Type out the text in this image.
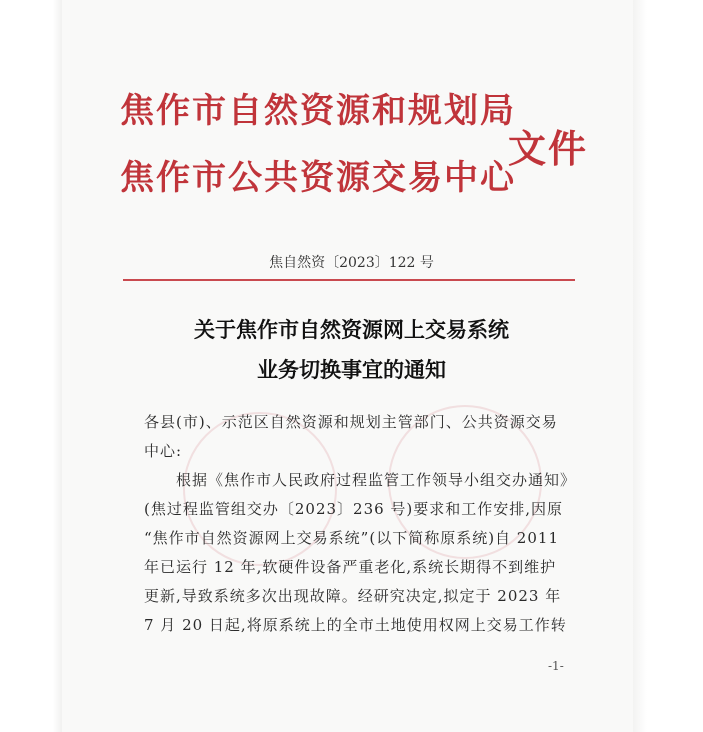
焦作市自然资源和规划局
焦作市公共资源交易中心
文件
焦自然资〔2023〕122 号
关于焦作市自然资源网上交易系统
业务切换事宜的通知
各县(市)、示范区自然资源和规划主管部门、公共资源交易
中心:
根据《焦作市人民政府过程监管工作领导小组交办通知》
(焦过程监管组交办〔2023〕236 号)要求和工作安排,因原
“焦作市自然资源网上交易系统”(以下简称原系统)自 2011
年已运行 12 年,软硬件设备严重老化,系统长期得不到维护
更新,导致系统多次出现故障。经研究决定,拟定于 2023 年
7 月 20 日起,将原系统上的全市土地使用权网上交易工作转
-1-
